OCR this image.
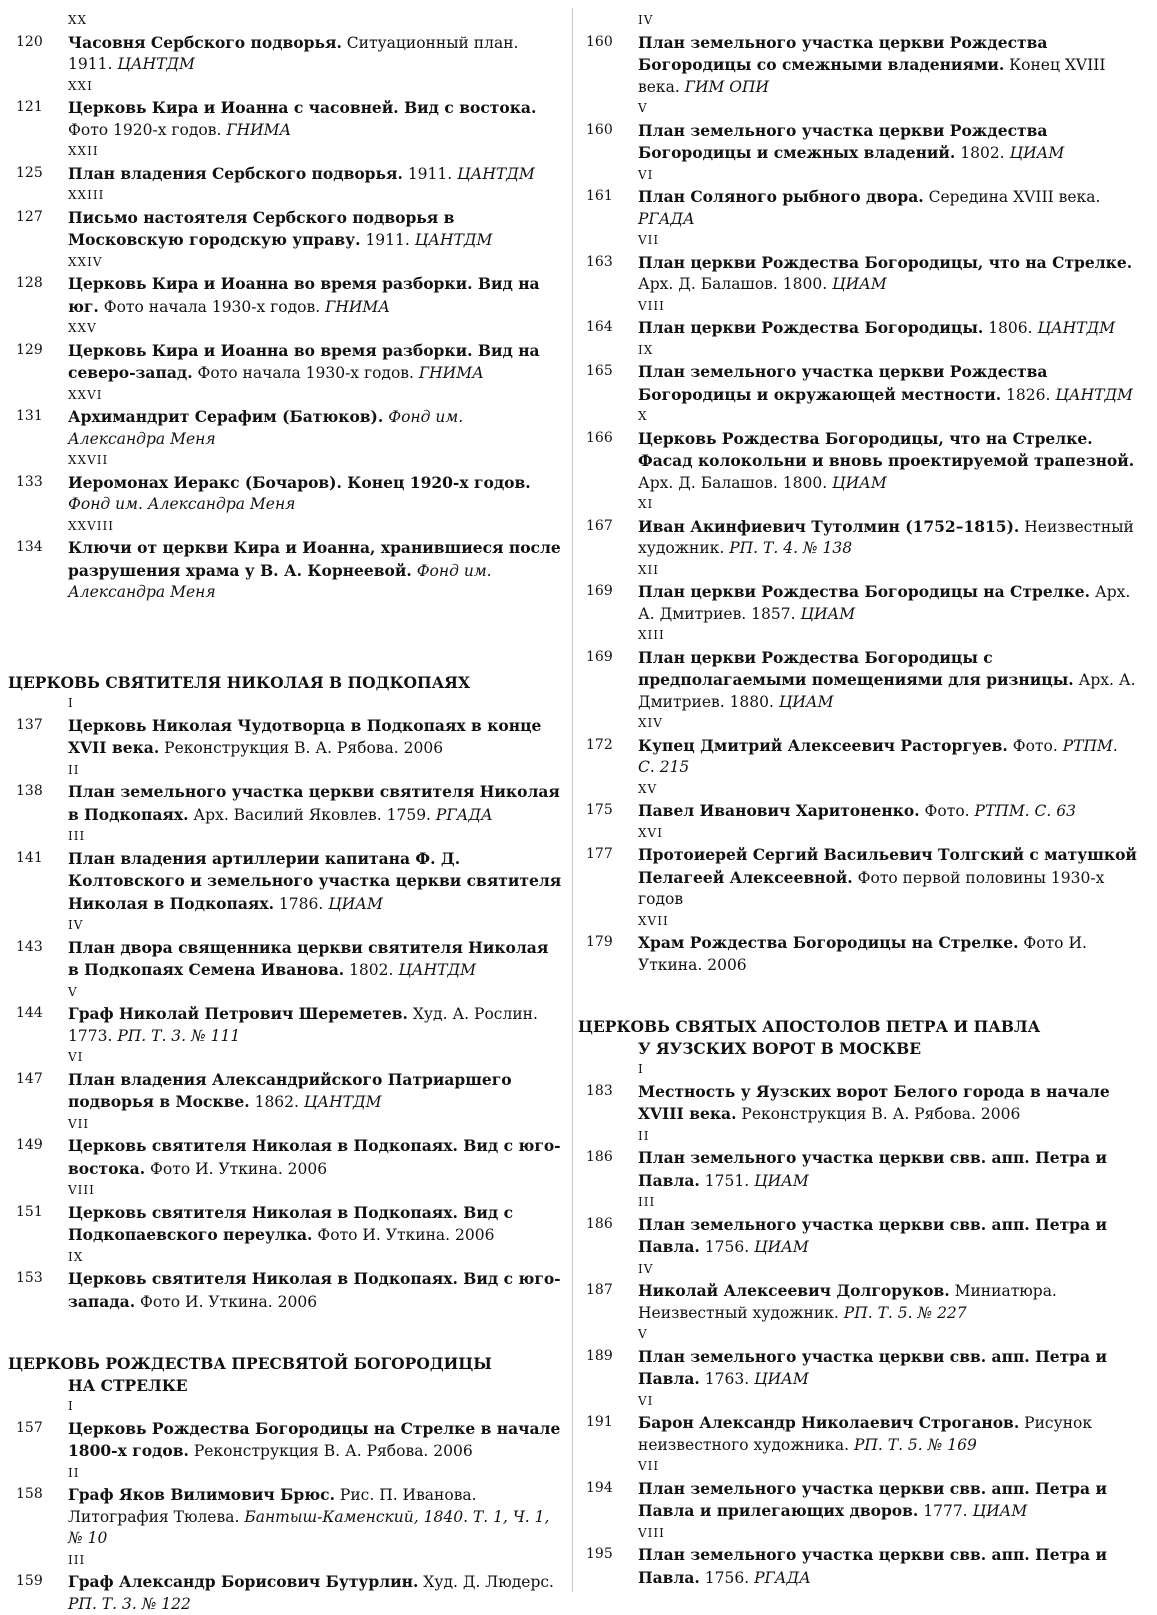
XX
120	Часовня Сербского подворья. Ситуационный план. 1911. ЦАНТДМ
XXI
121	Церковь Кира и Иоанна с часовней. Вид с востока. Фото 1920-х годов. ГНИМА
XXII
125	План владения Сербского подворья. 1911. ЦАНТДМ
XXIII
127	Письмо настоятеля Сербского подворья в Московскую городскую управу. 1911. ЦАНТДМ
XXIV
128	Церковь Кира и Иоанна во время разборки. Вид на юг. Фото начала 1930-х годов. ГНИМА
XXV
129	Церковь Кира и Иоанна во время разборки. Вид на северо-запад. Фото начала 1930-х годов. ГНИМА
XXVI
131	Архимандрит Серафим (Батюков). Фонд им. Александра Меня
XXVII
133	Иеромонах Иеракс (Бочаров). Конец 1920-х годов. Фонд им. Александра Меня
XXVIII
134	Ключи от церкви Кира и Иоанна, хранившиеся после разрушения храма у В. А. Корнеевой. Фонд им. Александра Меня
ЦЕРКОВЬ СВЯТИТЕЛЯ НИКОЛАЯ В ПОДКОПАЯХ
I
137	Церковь Николая Чудотворца в Подкопаях в конце XVII века. Реконструкция В. А. Рябова. 2006
II
138	План земельного участка церкви святителя Николая в Подкопаях. Арх. Василий Яковлев. 1759. РГАДА
III
141	План владения артиллерии капитана Ф. Д. Колтовского и земельного участка церкви святителя Николая в Подкопаях. 1786. ЦИАМ
IV
143	План двора священника церкви святителя Николая в Подкопаях Семена Иванова. 1802. ЦАНТДМ
V
144	Граф Николай Петрович Шереметев. Худ. А. Рослин. 1773. РП. Т. 3. № 111
VI
147	План владения Александрийского Патриаршего подворья в Москве. 1862. ЦАНТДМ
VII
149	Церковь святителя Николая в Подкопаях. Вид с юго-востока. Фото И. Уткина. 2006
VIII
151	Церковь святителя Николая в Подкопаях. Вид с Подкопаевского переулка. Фото И. Уткина. 2006
IX
153	Церковь святителя Николая в Подкопаях. Вид с юго-запада. Фото И. Уткина. 2006
ЦЕРКОВЬ РОЖДЕСТВА ПРЕСВЯТОЙ БОГОРОДИЦЫ
НА СТРЕЛКЕ
I
157	Церковь Рождества Богородицы на Стрелке в начале 1800-х годов. Реконструкция В. А. Рябова. 2006
II
158	Граф Яков Вилимович Брюс. Рис. П. Иванова. Литография Тюлева. Бантыш-Каменский, 1840. Т. 1, Ч. 1, № 10
III
159	Граф Александр Борисович Бутурлин. Худ. Д. Людерс. РП. Т. 3. № 122
IV
160	План земельного участка церкви Рождества Богородицы со смежными владениями. Конец XVIII века. ГИМ ОПИ
V
160	План земельного участка церкви Рождества Богородицы и смежных владений. 1802. ЦИАМ
VI
161	План Соляного рыбного двора. Середина XVIII века. РГАДА
VII
163	План церкви Рождества Богородицы, что на Стрелке. Арх. Д. Балашов. 1800. ЦИАМ
VIII
164	План церкви Рождества Богородицы. 1806. ЦАНТДМ
IX
165	План земельного участка церкви Рождества Богородицы и окружающей местности. 1826. ЦАНТДМ
X
166	Церковь Рождества Богородицы, что на Стрелке. Фасад колокольни и вновь проектируемой трапезной. Арх. Д. Балашов. 1800. ЦИАМ
XI
167	Иван Акинфиевич Тутолмин (1752–1815). Неизвестный художник. РП. Т. 4. № 138
XII
169	План церкви Рождества Богородицы на Стрелке. Арх. А. Дмитриев. 1857. ЦИАМ
XIII
169	План церкви Рождества Богородицы с предполагаемыми помещениями для ризницы. Арх. А. Дмитриев. 1880. ЦИАМ
XIV
172	Купец Дмитрий Алексеевич Расторгуев. Фото. РТПМ. С. 215
XV
175	Павел Иванович Харитоненко. Фото. РТПМ. С. 63
XVI
177	Протоиерей Сергий Васильевич Толгский с матушкой Пелагеей Алексеевной. Фото первой половины 1930-х годов
XVII
179	Храм Рождества Богородицы на Стрелке. Фото И. Уткина. 2006
ЦЕРКОВЬ СВЯТЫХ АПОСТОЛОВ ПЕТРА И ПАВЛА
У ЯУЗСКИХ ВОРОТ В МОСКВЕ
I
183	Местность у Яузских ворот Белого города в начале XVIII века. Реконструкция В. А. Рябова. 2006
II
186	План земельного участка церкви свв. апп. Петра и Павла. 1751. ЦИАМ
III
186	План земельного участка церкви свв. апп. Петра и Павла. 1756. ЦИАМ
IV
187	Николай Алексеевич Долгоруков. Миниатюра. Неизвестный художник. РП. Т. 5. № 227
V
189	План земельного участка церкви свв. апп. Петра и Павла. 1763. ЦИАМ
VI
191	Барон Александр Николаевич Строганов. Рисунок неизвестного художника. РП. Т. 5. № 169
VII
194	План земельного участка церкви свв. апп. Петра и Павла и прилегающих дворов. 1777. ЦИАМ
VIII
195	План земельного участка церкви свв. апп. Петра и Павла. 1756. РГАДА
